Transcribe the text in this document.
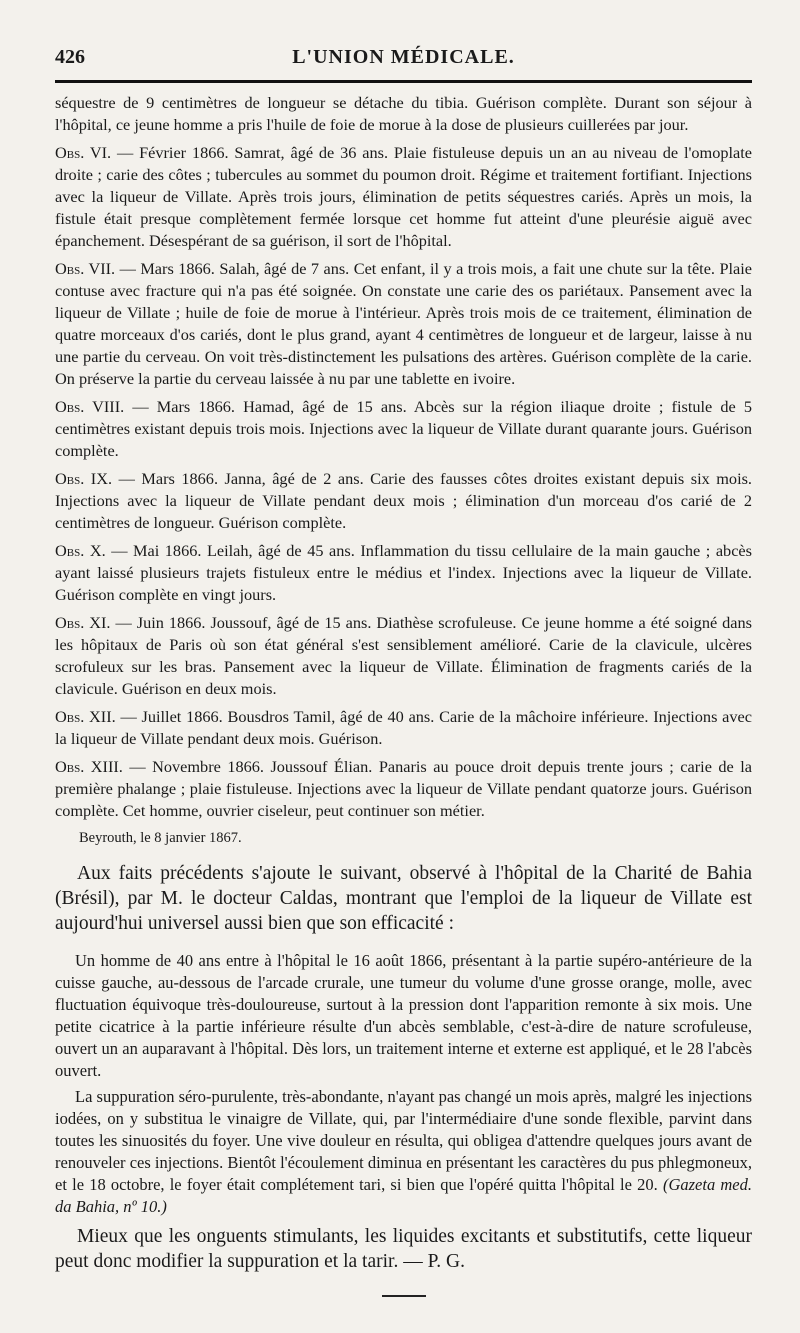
426	L'UNION MÉDICALE.

séquestre de 9 centimètres de longueur se détache du tibia. Guérison complète. Durant son séjour à l'hôpital, ce jeune homme a pris l'huile de foie de morue à la dose de plusieurs cuillerées par jour.

Obs. VI. — Février 1866. Samrat, âgé de 36 ans. Plaie fistuleuse depuis un an au niveau de l'omoplate droite ; carie des côtes ; tubercules au sommet du poumon droit. Régime et traitement fortifiant. Injections avec la liqueur de Villate. Après trois jours, élimination de petits séquestres cariés. Après un mois, la fistule était presque complètement fermée lorsque cet homme fut atteint d'une pleurésie aiguë avec épanchement. Désespérant de sa guérison, il sort de l'hôpital.

Obs. VII. — Mars 1866. Salah, âgé de 7 ans. Cet enfant, il y a trois mois, a fait une chute sur la tête. Plaie contuse avec fracture qui n'a pas été soignée. On constate une carie des os pariétaux. Pansement avec la liqueur de Villate ; huile de foie de morue à l'intérieur. Après trois mois de ce traitement, élimination de quatre morceaux d'os cariés, dont le plus grand, ayant 4 centimètres de longueur et de largeur, laisse à nu une partie du cerveau. On voit très-distinctement les pulsations des artères. Guérison complète de la carie. On préserve la partie du cerveau laissée à nu par une tablette en ivoire.

Obs. VIII. — Mars 1866. Hamad, âgé de 15 ans. Abcès sur la région iliaque droite ; fistule de 5 centimètres existant depuis trois mois. Injections avec la liqueur de Villate durant quarante jours. Guérison complète.

Obs. IX. — Mars 1866. Janna, âgé de 2 ans. Carie des fausses côtes droites existant depuis six mois. Injections avec la liqueur de Villate pendant deux mois ; élimination d'un morceau d'os carié de 2 centimètres de longueur. Guérison complète.

Obs. X. — Mai 1866. Leilah, âgé de 45 ans. Inflammation du tissu cellulaire de la main gauche ; abcès ayant laissé plusieurs trajets fistuleux entre le médius et l'index. Injections avec la liqueur de Villate. Guérison complète en vingt jours.

Obs. XI. — Juin 1866. Joussouf, âgé de 15 ans. Diathèse scrofuleuse. Ce jeune homme a été soigné dans les hôpitaux de Paris où son état général s'est sensiblement amélioré. Carie de la clavicule, ulcères scrofuleux sur les bras. Pansement avec la liqueur de Villate. Élimination de fragments cariés de la clavicule. Guérison en deux mois.

Obs. XII. — Juillet 1866. Bousdros Tamil, âgé de 40 ans. Carie de la mâchoire inférieure. Injections avec la liqueur de Villate pendant deux mois. Guérison.

Obs. XIII. — Novembre 1866. Joussouf Élian. Panaris au pouce droit depuis trente jours ; carie de la première phalange ; plaie fistuleuse. Injections avec la liqueur de Villate pendant quatorze jours. Guérison complète. Cet homme, ouvrier ciseleur, peut continuer son métier.

Beyrouth, le 8 janvier 1867.

Aux faits précédents s'ajoute le suivant, observé à l'hôpital de la Charité de Bahia (Brésil), par M. le docteur Caldas, montrant que l'emploi de la liqueur de Villate est aujourd'hui universel aussi bien que son efficacité :

Un homme de 40 ans entre à l'hôpital le 16 août 1866, présentant à la partie supéro-antérieure de la cuisse gauche, au-dessous de l'arcade crurale, une tumeur du volume d'une grosse orange, molle, avec fluctuation équivoque très-douloureuse, surtout à la pression dont l'apparition remonte à six mois. Une petite cicatrice à la partie inférieure résulte d'un abcès semblable, c'est-à-dire de nature scrofuleuse, ouvert un an auparavant à l'hôpital. Dès lors, un traitement interne et externe est appliqué, et le 28 l'abcès ouvert.

La suppuration séro-purulente, très-abondante, n'ayant pas changé un mois après, malgré les injections iodées, on y substitua le vinaigre de Villate, qui, par l'intermédiaire d'une sonde flexible, parvint dans toutes les sinuosités du foyer. Une vive douleur en résulta, qui obligea d'attendre quelques jours avant de renouveler ces injections. Bientôt l'écoulement diminua en présentant les caractères du pus phlegmoneux, et le 18 octobre, le foyer était complétement tari, si bien que l'opéré quitta l'hôpital le 20. (Gazeta med. da Bahia, nº 10.)

Mieux que les onguents stimulants, les liquides excitants et substitutifs, cette liqueur peut donc modifier la suppuration et la tarir. — P. G.
